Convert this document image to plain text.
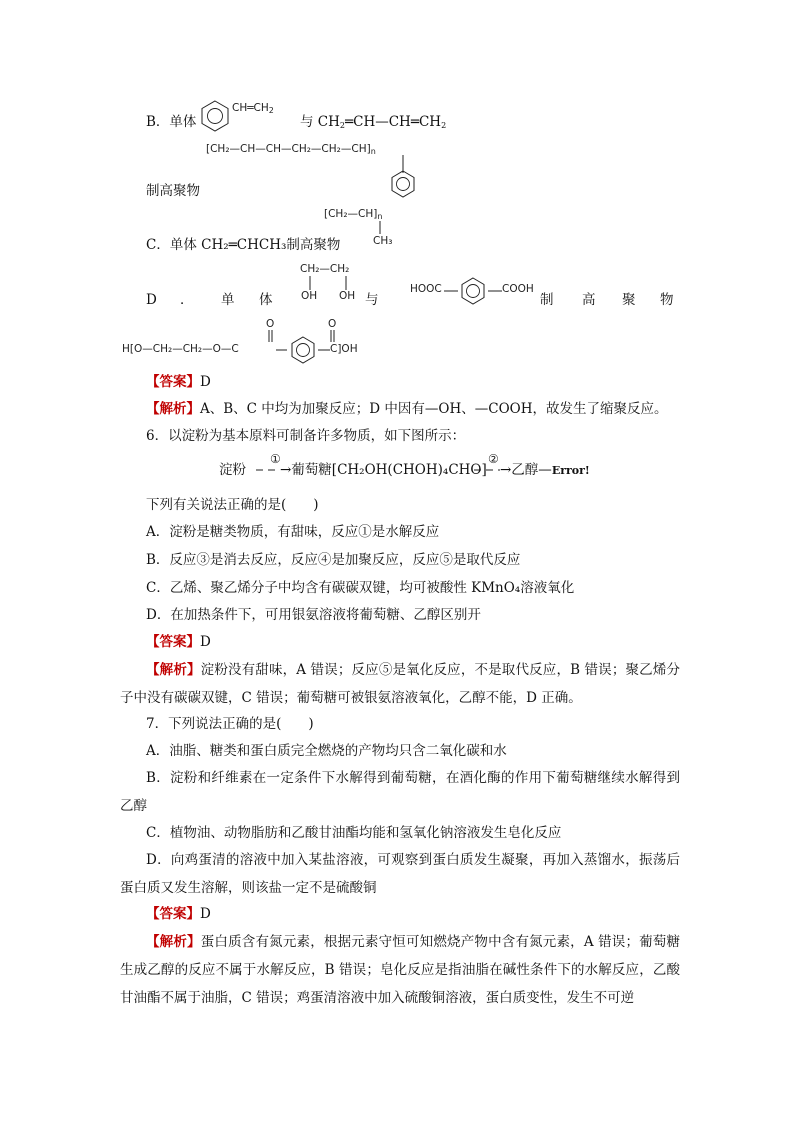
B．单体
$CH═CH_2$
与 $CH_2═CH—CH═CH_2$
$[CH_2—CH—CH—CH_2—CH_2—CH]_n$
制高聚物
$[CH_2—CH]_n$
CH₃
C．单体 CH₂═CHCH₃制高聚物
CH₂—CH₂
OH OH
D ． 单 体	与
HOOC	COOH
制 高 聚 物
O	O
H[O—CH₂—CH₂—O—C	C]OH
【答案】D
【解析】A、B、C 中均为加聚反应；D 中因有—OH、—COOH，故发生了缩聚反应。
6．以淀粉为基本原料可制备许多物质，如下图所示：
淀粉
①
→葡萄糖[CH₂OH(CHOH)₄CHO]
②
→乙醇—Error!
下列有关说法正确的是(　　)
A．淀粉是糖类物质，有甜味，反应①是水解反应
B．反应③是消去反应，反应④是加聚反应，反应⑤是取代反应
C．乙烯、聚乙烯分子中均含有碳碳双键，均可被酸性 KMnO₄溶液氧化
D．在加热条件下，可用银氨溶液将葡萄糖、乙醇区别开
【答案】D
【解析】淀粉没有甜味，A 错误；反应⑤是氧化反应，不是取代反应，B 错误；聚乙烯分子中没有碳碳双键，C 错误；葡萄糖可被银氨溶液氧化，乙醇不能，D 正确。
7．下列说法正确的是(　　)
A．油脂、糖类和蛋白质完全燃烧的产物均只含二氧化碳和水
B．淀粉和纤维素在一定条件下水解得到葡萄糖，在酒化酶的作用下葡萄糖继续水解得到乙醇
C．植物油、动物脂肪和乙酸甘油酯均能和氢氧化钠溶液发生皂化反应
D．向鸡蛋清的溶液中加入某盐溶液，可观察到蛋白质发生凝聚，再加入蒸馏水，振荡后蛋白质又发生溶解，则该盐一定不是硫酸铜
【答案】D
【解析】蛋白质含有氮元素，根据元素守恒可知燃烧产物中含有氮元素，A 错误；葡萄糖生成乙醇的反应不属于水解反应，B 错误；皂化反应是指油脂在碱性条件下的水解反应，乙酸甘油酯不属于油脂，C 错误；鸡蛋清溶液中加入硫酸铜溶液，蛋白质变性，发生不可逆
